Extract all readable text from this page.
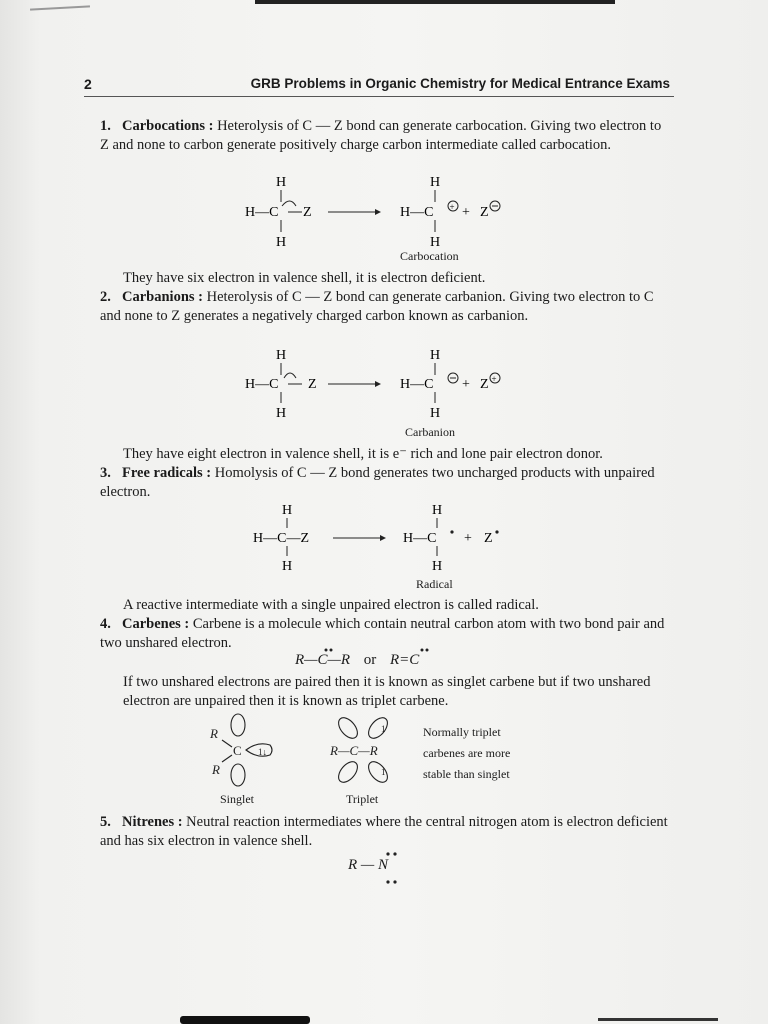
2	GRB Problems in Organic Chemistry for Medical Entrance Exams
1. Carbocations : Heterolysis of C — Z bond can generate carbocation. Giving two electron to Z and none to carbon generate positively charge carbon intermediate called carbocation.
H
H—C Z
H
H
H—C + + Z
H
Carbocation
They have six electron in valence shell, it is electron deficient.
2. Carbanions : Heterolysis of C — Z bond can generate carbanion. Giving two electron to C and none to Z generates a negatively charged carbon known as carbanion.
H
H—C Z
H
H
H—C + Z +
H
Carbanion
They have eight electron in valence shell, it is e⁻ rich and lone pair electron donor.
3. Free radicals : Homolysis of C — Z bond generates two uncharged products with unpaired electron.
H
H—C—Z
H
H
H—C + Z
H
Radical
A reactive intermediate with a single unpaired electron is called radical.
4. Carbenes : Carbene is a molecule which contain neutral carbon atom with two bond pair and two unshared electron.
R—C—R or R=C
If two unshared electrons are paired then it is known as singlet carbene but if two unshared electron are unpaired then it is known as triplet carbene.
R
R
C 1↓	R—C—R
1
1
Normally triplet
carbenes are more
stable than singlet
Singlet	Triplet
5. Nitrenes : Neutral reaction intermediates where the central nitrogen atom is electron deficient and has six electron in valence shell.
R — N
